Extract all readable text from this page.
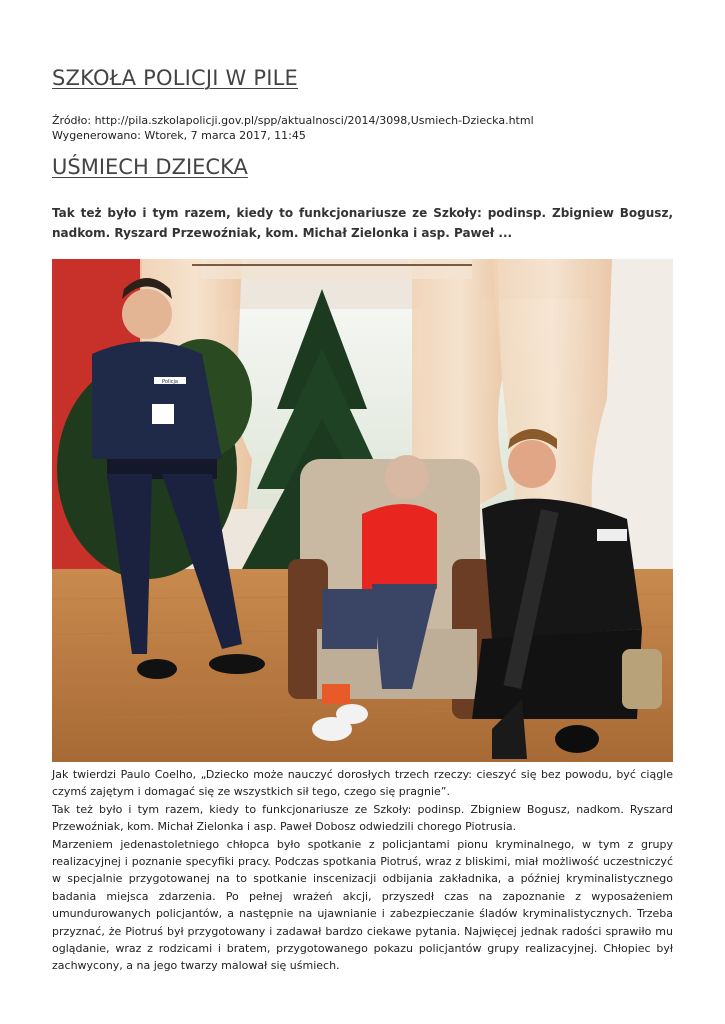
SZKOŁA POLICJI W PILE
Źródło: http://pila.szkolapolicji.gov.pl/spp/aktualnosci/2014/3098,Usmiech-Dziecka.html
Wygenerowano: Wtorek, 7 marca 2017, 11:45
UŚMIECH DZIECKA
Tak też było i tym razem, kiedy to funkcjonariusze ze Szkoły: podinsp. Zbigniew Bogusz, nadkom. Ryszard Przewoźniak, kom. Michał Zielonka i asp. Paweł ...
Policja

Jak twierdzi Paulo Coelho, „Dziecko może nauczyć dorosłych trzech rzeczy: cieszyć się bez powodu, być ciągle czymś zajętym i domagać się ze wszystkich sił tego, czego się pragnie”.

Tak też było i tym razem, kiedy to funkcjonariusze ze Szkoły: podinsp. Zbigniew Bogusz, nadkom. Ryszard Przewoźniak, kom. Michał Zielonka i asp. Paweł Dobosz odwiedzili chorego Piotrusia.

Marzeniem jedenastoletniego chłopca było spotkanie z policjantami pionu kryminalnego, w tym z grupy realizacyjnej i poznanie specyfiki pracy. Podczas spotkania Piotruś, wraz z bliskimi, miał możliwość uczestniczyć w specjalnie przygotowanej na to spotkanie inscenizacji odbijania zakładnika, a później kryminalistycznego badania miejsca zdarzenia. Po pełnej wrażeń akcji, przyszedł czas na zapoznanie z wyposażeniem umundurowanych policjantów, a następnie na ujawnianie i zabezpieczanie śladów kryminalistycznych. Trzeba przyznać, że Piotruś był przygotowany i zadawał bardzo ciekawe pytania. Najwięcej jednak radości sprawiło mu oglądanie, wraz z rodzicami i bratem, przygotowanego pokazu policjantów grupy realizacyjnej. Chłopiec był zachwycony, a na jego twarzy malował się uśmiech.
